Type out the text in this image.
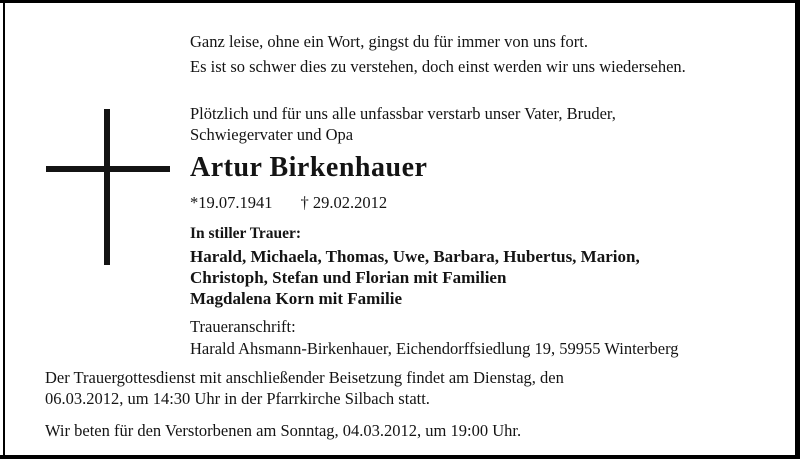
Ganz leise, ohne ein Wort, gingst du für immer von uns fort.
Es ist so schwer dies zu verstehen, doch einst werden wir uns wiedersehen.
Plötzlich und für uns alle unfassbar verstarb unser Vater, Bruder,
Schwiegervater und Opa
Artur Birkenhauer
*19.07.1941 † 29.02.2012
In stiller Trauer:
Harald, Michaela, Thomas, Uwe, Barbara, Hubertus, Marion,
Christoph, Stefan und Florian mit Familien
Magdalena Korn mit Familie
Traueranschrift:
Harald Ahsmann-Birkenhauer, Eichendorffsiedlung 19, 59955 Winterberg
Der Trauergottesdienst mit anschließender Beisetzung findet am Dienstag, den
06.03.2012, um 14:30 Uhr in der Pfarrkirche Silbach statt.
Wir beten für den Verstorbenen am Sonntag, 04.03.2012, um 19:00 Uhr.
